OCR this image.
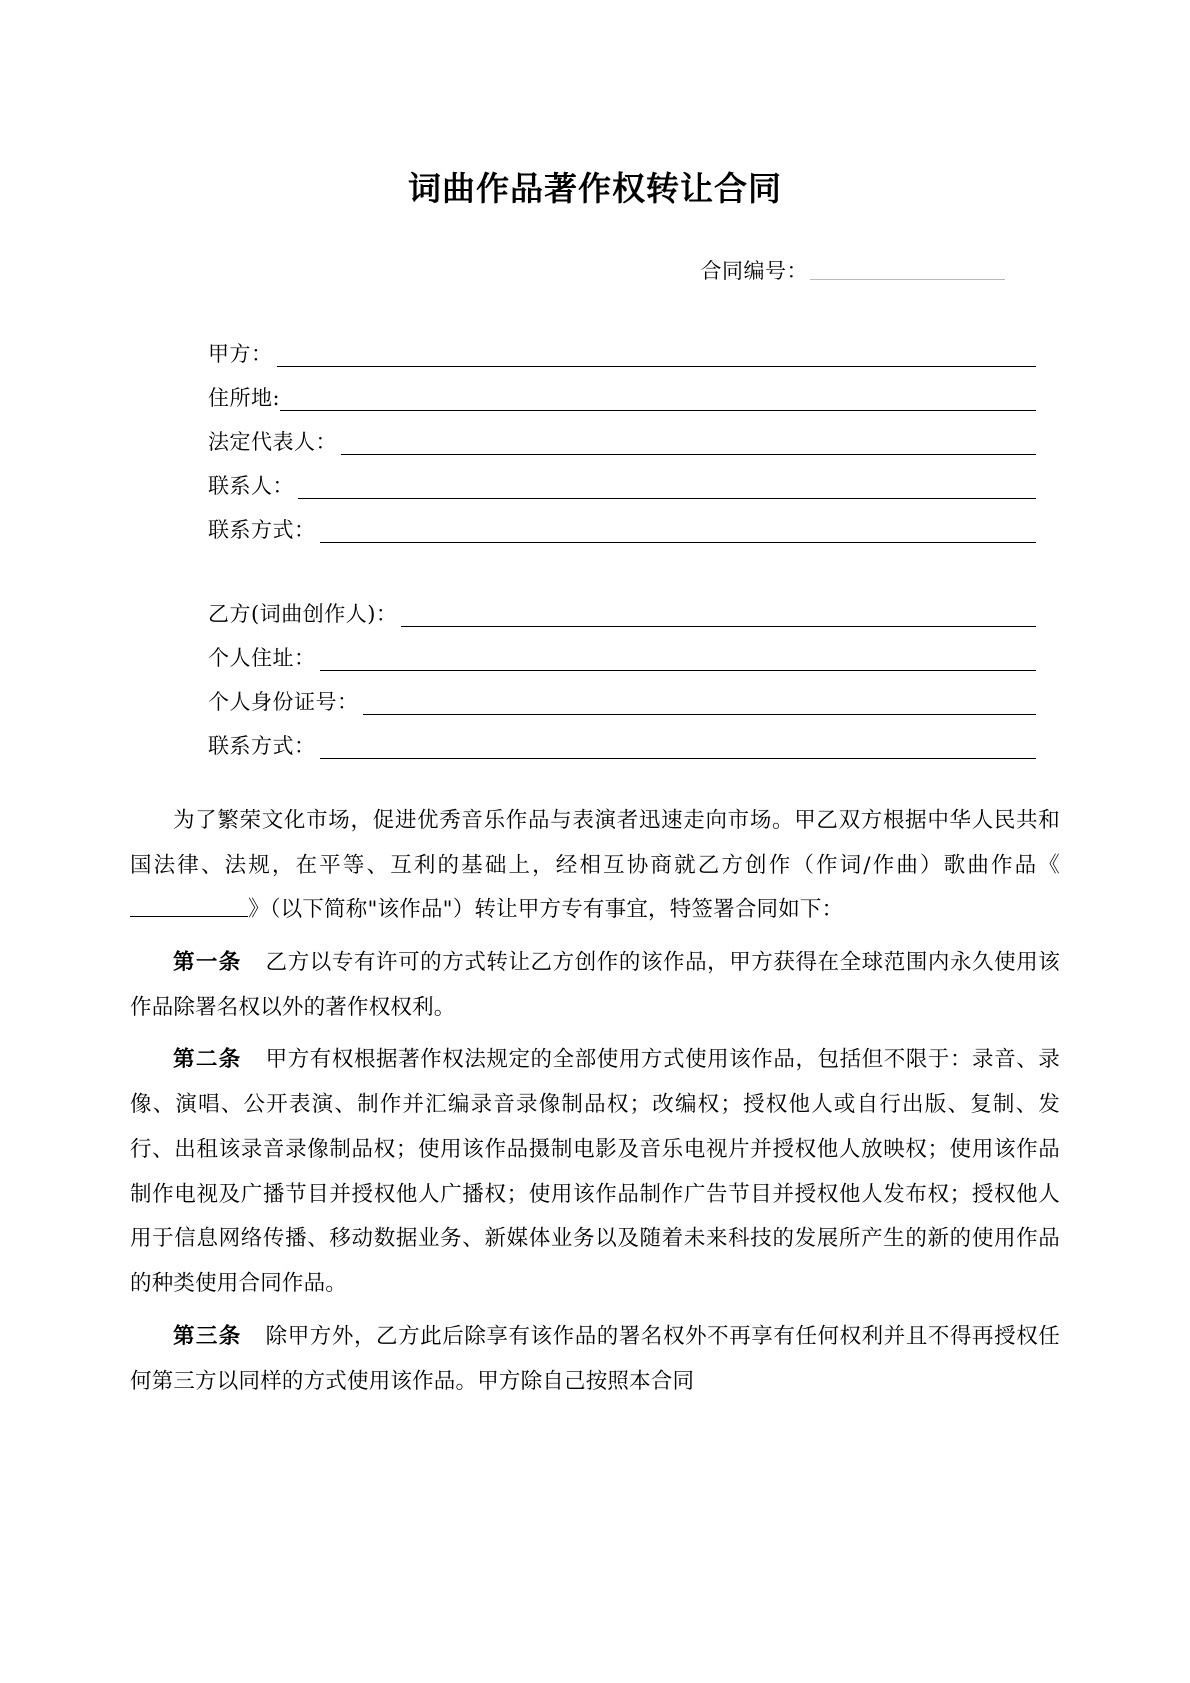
词曲作品著作权转让合同
合同编号：
甲方：
住所地:
法定代表人：
联系人：
联系方式：
乙方(词曲创作人)：
个人住址：
个人身份证号：
联系方式：
为了繁荣文化市场，促进优秀音乐作品与表演者迅速走向市场。甲乙双方根据中华人民共和国法律、法规，在平等、互利的基础上，经相互协商就乙方创作（作词/作曲）歌曲作品《》（以下简称"该作品"）转让甲方专有事宜，特签署合同如下：
第一条 乙方以专有许可的方式转让乙方创作的该作品，甲方获得在全球范围内永久使用该作品除署名权以外的著作权权利。
第二条 甲方有权根据著作权法规定的全部使用方式使用该作品，包括但不限于：录音、录像、演唱、公开表演、制作并汇编录音录像制品权；改编权；授权他人或自行出版、复制、发行、出租该录音录像制品权；使用该作品摄制电影及音乐电视片并授权他人放映权；使用该作品制作电视及广播节目并授权他人广播权；使用该作品制作广告节目并授权他人发布权；授权他人用于信息网络传播、移动数据业务、新媒体业务以及随着未来科技的发展所产生的新的使用作品的种类使用合同作品。
第三条 除甲方外，乙方此后除享有该作品的署名权外不再享有任何权利并且不得再授权任何第三方以同样的方式使用该作品。甲方除自己按照本合同
